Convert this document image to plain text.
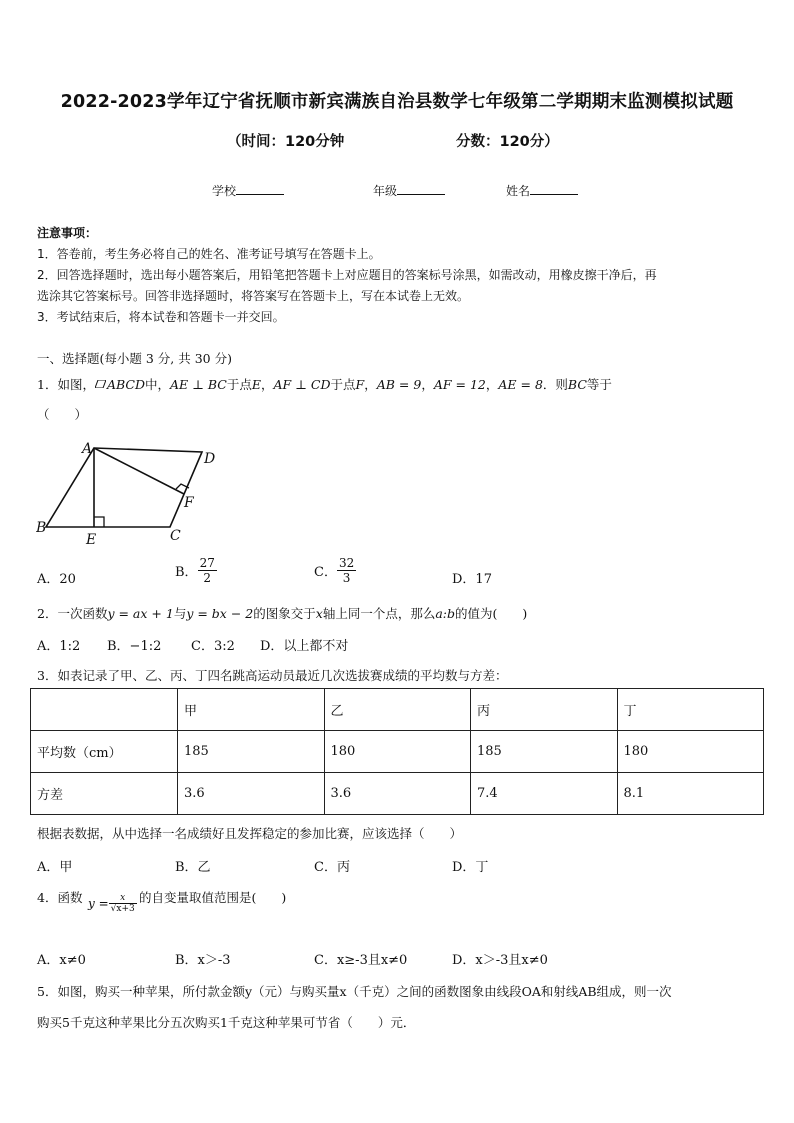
2022-2023学年辽宁省抚顺市新宾满族自治县数学七年级第二学期期末监测模拟试题
（时间：120分钟	分数：120分）
学校	年级	姓名
注意事项：
1．答卷前，考生务必将自己的姓名、准考证号填写在答题卡上。
2．回答选择题时，选出每小题答案后，用铅笔把答题卡上对应题目的答案标号涂黑，如需改动，用橡皮擦干净后，再
选涂其它答案标号。回答非选择题时，将答案写在答题卡上，写在本试卷上无效。
3．考试结束后，将本试卷和答题卡一并交回。
一、选择题(每小题 3 分, 共 30 分)
1．如图， ABCD中，AE ⊥ BC于点E，AF ⊥ CD于点F，AB = 9，AF = 12，AE = 8．则BC等于
（　　）
A
D
F
B	C
E
A．20	B． $\frac{27}{2}$	C． $\frac{32}{3}$	D．17
2．一次函数y = ax + 1与y = bx − 2的图象交于x轴上同一个点，那么a:b的值为(　　)
A．1:2 B．−1:2 C．3:2 D．以上都不对
3．如表记录了甲、乙、丙、丁四名跳高运动员最近几次选拔赛成绩的平均数与方差：
	甲	乙	丙	丁
平均数（cm）	185	180	185	180
方差	3.6	3.6	7.4	8.1
根据表数据，从中选择一名成绩好且发挥稳定的参加比赛，应该选择（　　）
A．甲	B．乙	C．丙	D．丁
4．函数 $y = \frac{x}{√x+3}$ 的自变量取值范围是(　　)
A．x≠0	B．x＞-3	C．x≥-3且x≠0	D．x＞-3且x≠0
5．如图，购买一种苹果，所付款金额y（元）与购买量x（千克）之间的函数图象由线段OA和射线AB组成，则一次
购买5千克这种苹果比分五次购买1千克这种苹果可节省（　　）元．
